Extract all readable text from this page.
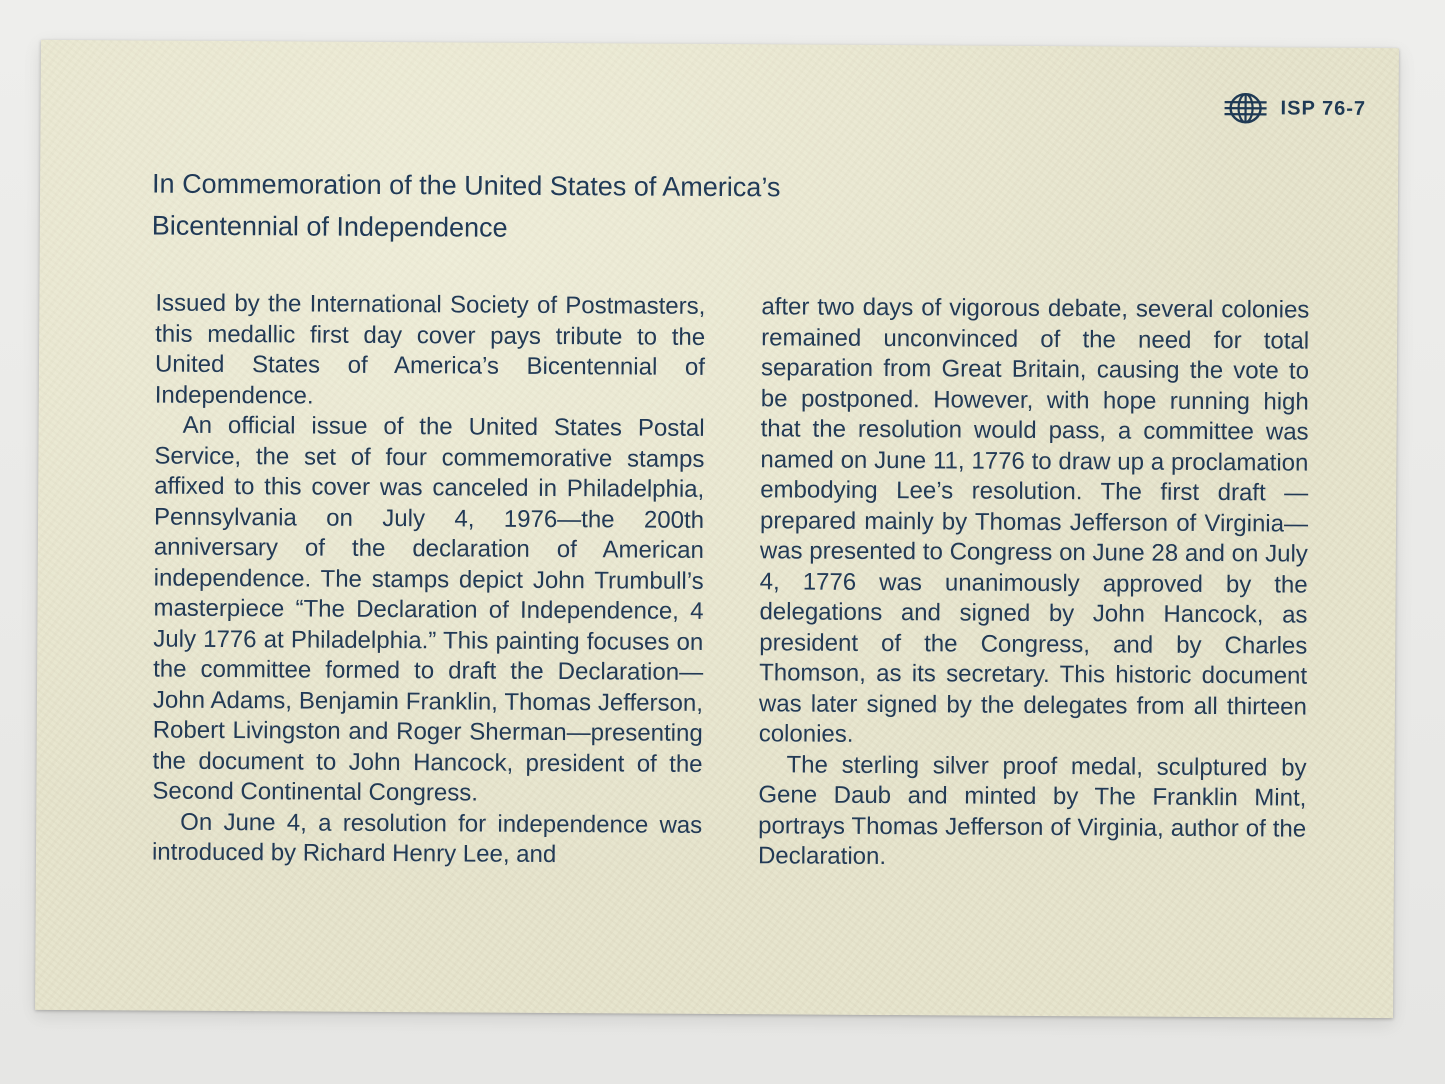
ISP 76-7
In Commemoration of the United States of America’s
Bicentennial of Independence

Issued by the International Society of Postmasters, this medallic first day cover pays tribute to the United States of America’s Bicentennial of Independence.

An official issue of the United States Postal Service, the set of four commemorative stamps affixed to this cover was canceled in Philadelphia, Pennsylvania on July 4, 1976—the 200th anniversary of the declaration of American independence. The stamps depict John Trumbull’s masterpiece “The Declaration of Independence, 4 July 1776 at Philadelphia.” This painting focuses on the committee formed to draft the Declaration—John Adams, Benjamin Franklin, Thomas Jefferson, Robert Livingston and Roger Sherman—presenting the document to John Hancock, president of the Second Continental Congress.

On June 4, a resolution for independence was introduced by Richard Henry Lee, and

after two days of vigorous debate, several colonies remained unconvinced of the need for total separation from Great Britain, causing the vote to be postponed. However, with hope running high that the resolution would pass, a committee was named on June 11, 1776 to draw up a proclamation embodying Lee’s resolution. The first draft —prepared mainly by Thomas Jefferson of Virginia—was presented to Congress on June 28 and on July 4, 1776 was unanimously approved by the delegations and signed by John Hancock, as president of the Congress, and by Charles Thomson, as its secretary. This historic document was later signed by the delegates from all thirteen colonies.

The sterling silver proof medal, sculptured by Gene Daub and minted by The Franklin Mint, portrays Thomas Jefferson of Virginia, author of the Declaration.
